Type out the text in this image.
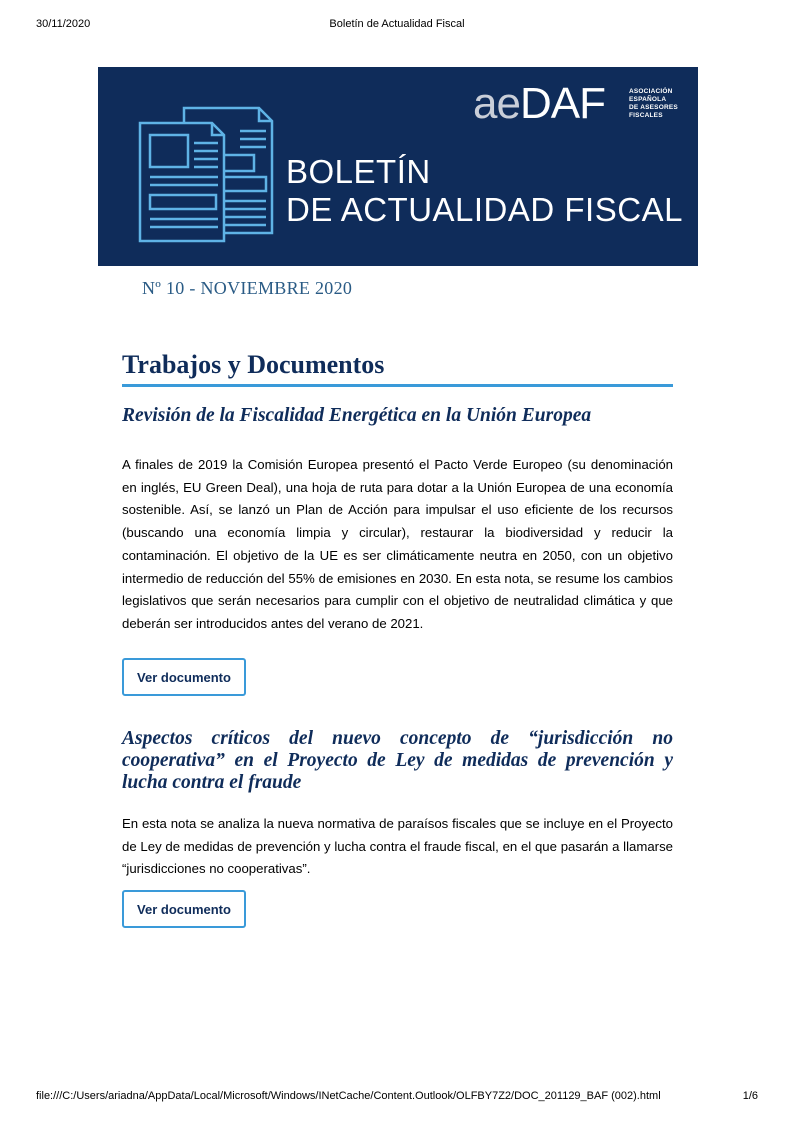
30/11/2020	Boletín de Actualidad Fiscal
aeDAF	ASOCIACIÓN
ESPAÑOLA
DE ASESORES
FISCALES
BOLETÍN
DE ACTUALIDAD FISCAL
Nº 10 - NOVIEMBRE 2020
Trabajos y Documentos

Revisión de la Fiscalidad Energética en la Unión Europea

A finales de 2019 la Comisión Europea presentó el Pacto Verde Europeo (su denominación en inglés, EU Green Deal), una hoja de ruta para dotar a la Unión Europea de una economía sostenible. Así, se lanzó un Plan de Acción para impulsar el uso eficiente de los recursos (buscando una economía limpia y circular), restaurar la biodiversidad y reducir la contaminación. El objetivo de la UE es ser climáticamente neutra en 2050, con un objetivo intermedio de reducción del 55% de emisiones en 2030. En esta nota, se resume los cambios legislativos que serán necesarios para cumplir con el objetivo de neutralidad climática y que deberán ser introducidos antes del verano de 2021.

Ver documento

Aspectos críticos del nuevo concepto de “jurisdicción no cooperativa” en el Proyecto de Ley de medidas de prevención y lucha contra el fraude

En esta nota se analiza la nueva normativa de paraísos fiscales que se incluye en el Proyecto de Ley de medidas de prevención y lucha contra el fraude fiscal, en el que pasarán a llamarse “jurisdicciones no cooperativas”.

Ver documento
file:///C:/Users/ariadna/AppData/Local/Microsoft/Windows/INetCache/Content.Outlook/OLFBY7Z2/DOC_201129_BAF (002).html	1/6
